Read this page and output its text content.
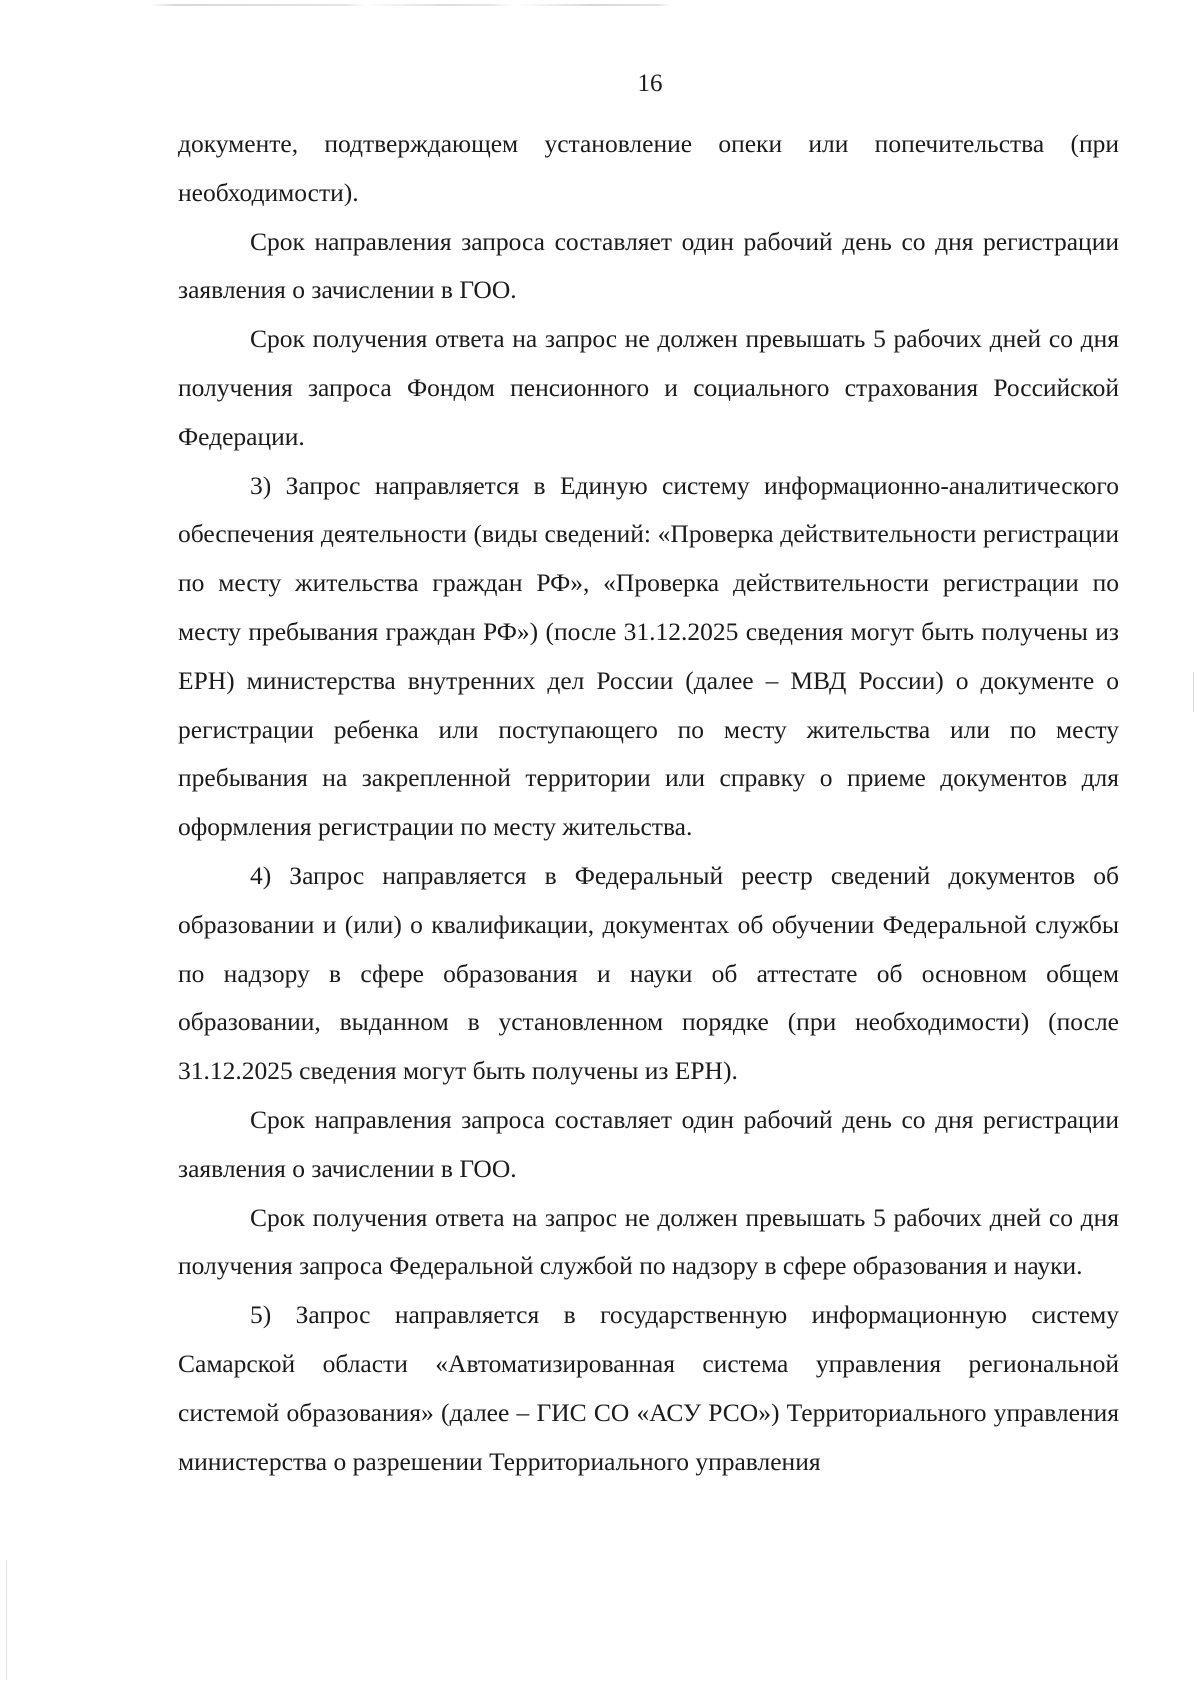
16

документе, подтверждающем установление опеки или попечительства (при необходимости).

Срок направления запроса составляет один рабочий день со дня регистрации заявления о зачислении в ГОО.

Срок получения ответа на запрос не должен превышать 5 рабочих дней со дня получения запроса Фондом пенсионного и социального страхования Российской Федерации.

3) Запрос направляется в Единую систему информационно-аналитического обеспечения деятельности (виды сведений: «Проверка действительности регистрации по месту жительства граждан РФ», «Проверка действительности регистрации по месту пребывания граждан РФ») (после 31.12.2025 сведения могут быть получены из ЕРН) министерства внутренних дел России (далее – МВД России) о документе о регистрации ребенка или поступающего по месту жительства или по месту пребывания на закрепленной территории или справку о приеме документов для оформления регистрации по месту жительства.

4) Запрос направляется в Федеральный реестр сведений документов об образовании и (или) о квалификации, документах об обучении Федеральной службы по надзору в сфере образования и науки об аттестате об основном общем образовании, выданном в установленном порядке (при необходимости) (после 31.12.2025 сведения могут быть получены из ЕРН).

Срок направления запроса составляет один рабочий день со дня регистрации заявления о зачислении в ГОО.

Срок получения ответа на запрос не должен превышать 5 рабочих дней со дня получения запроса Федеральной службой по надзору в сфере образования и науки.

5) Запрос направляется в государственную информационную систему Самарской области «Автоматизированная система управления региональной системой образования» (далее – ГИС СО «АСУ РСО») Территориального управления министерства о разрешении Территориального управления
